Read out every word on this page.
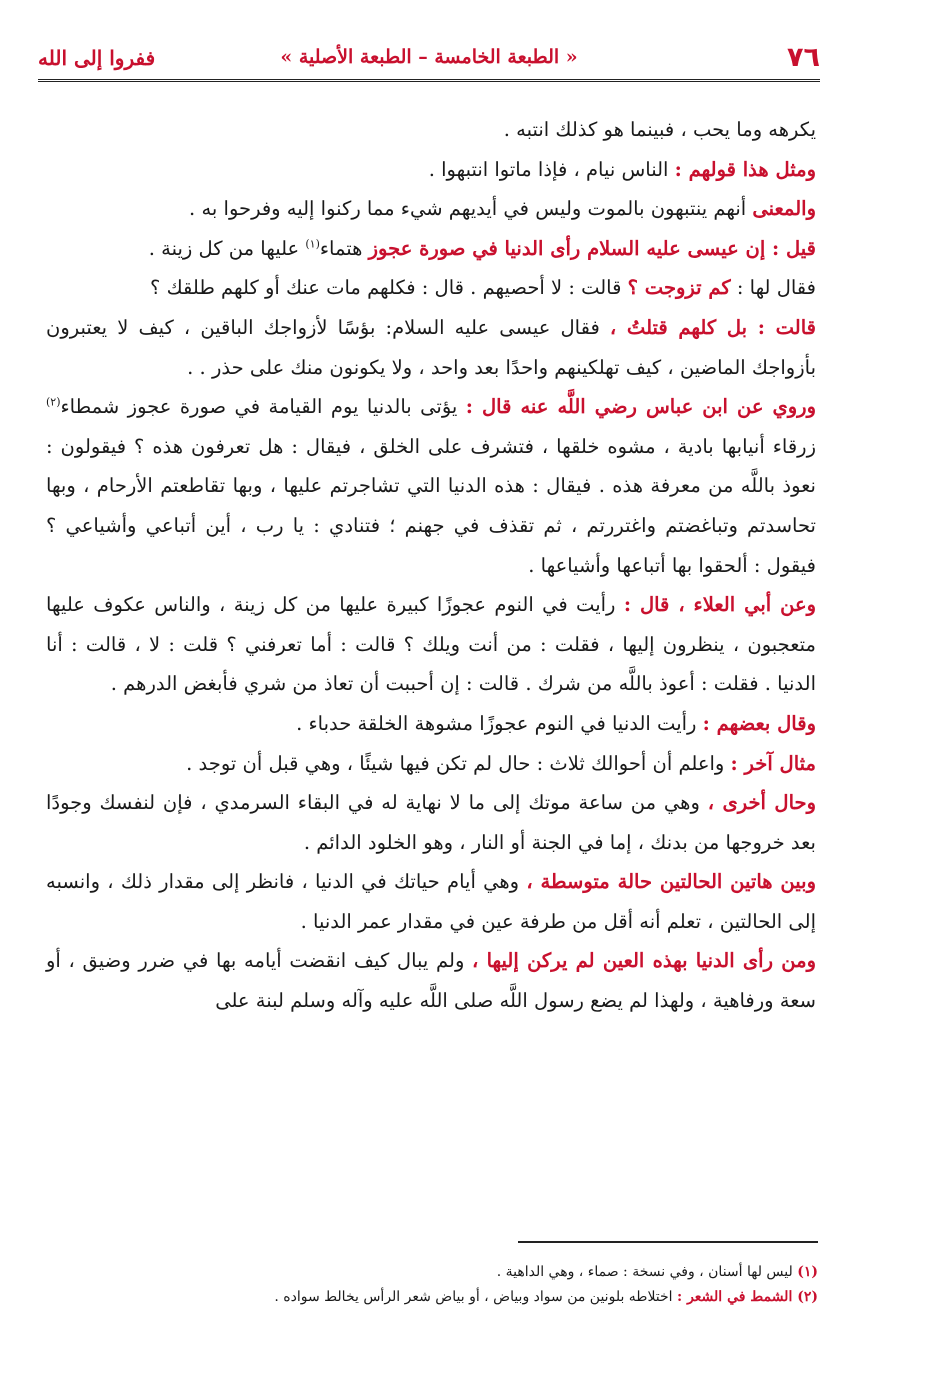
٧٦
« الطبعة الخامسة – الطبعة الأصلية »
ففروا إلى الله

يكرهه وما يحب ، فبينما هو كذلك انتبه .

ومثل هذا قولهم : الناس نيام ، فإذا ماتوا انتبهوا .

والمعنى أنهم ينتبهون بالموت وليس في أيديهم شيء مما ركنوا إليه وفرحوا به .

قيل : إن عيسى عليه السلام رأى الدنيا في صورة عجوز هتماء$^{(١)}$ عليها من كل زينة .

فقال لها : كم تزوجت ؟ قالت : لا أحصيهم . قال : فكلهم مات عنك أو كلهم طلقك ؟

قالت : بل كلهم قتلتُ ، فقال عيسى عليه السلام: بؤسًا لأزواجك الباقين ، كيف لا يعتبرون بأزواجك الماضين ، كيف تهلكينهم واحدًا بعد واحد ، ولا يكونون منك على حذر . .

وروي عن ابن عباس رضي اللَّه عنه قال : يؤتى بالدنيا يوم القيامة في صورة عجوز شمطاء$^{(٢)}$ زرقاء أنيابها بادية ، مشوه خلقها ، فتشرف على الخلق ، فيقال : هل تعرفون هذه ؟ فيقولون : نعوذ باللَّه من معرفة هذه . فيقال : هذه الدنيا التي تشاجرتم عليها ، وبها تقاطعتم الأرحام ، وبها تحاسدتم وتباغضتم واغتررتم ، ثم تقذف في جهنم ؛ فتنادي : يا رب ، أين أتباعي وأشياعي ؟ فيقول : ألحقوا بها أتباعها وأشياعها .

وعن أبي العلاء ، قال : رأيت في النوم عجوزًا كبيرة عليها من كل زينة ، والناس عكوف عليها متعجبون ، ينظرون إليها ، فقلت : من أنت ويلك ؟ قالت : أما تعرفني ؟ قلت : لا ، قالت : أنا الدنيا . فقلت : أعوذ باللَّه من شرك . قالت : إن أحببت أن تعاذ من شري فأبغض الدرهم .

وقال بعضهم : رأيت الدنيا في النوم عجوزًا مشوهة الخلقة حدباء .

مثال آخر : واعلم أن أحوالك ثلاث : حال لم تكن فيها شيئًا ، وهي قبل أن توجد .

وحال أخرى ، وهي من ساعة موتك إلى ما لا نهاية له في البقاء السرمدي ، فإن لنفسك وجودًا بعد خروجها من بدنك ، إما في الجنة أو النار ، وهو الخلود الدائم .

وبين هاتين الحالتين حالة متوسطة ، وهي أيام حياتك في الدنيا ، فانظر إلى مقدار ذلك ، وانسبه إلى الحالتين ، تعلم أنه أقل من طرفة عين في مقدار عمر الدنيا .

ومن رأى الدنيا بهذه العين لم يركن إليها ، ولم يبال كيف انقضت أيامه بها في ضرر وضيق ، أو سعة ورفاهية ، ولهذا لم يضع رسول اللَّه صلى اللَّه عليه وآله وسلم لبنة على

(١) ليس لها أسنان ، وفي نسخة : صماء ، وهي الداهية .

(٢) الشمط في الشعر : اختلاطه بلونين من سواد وبياض ، أو بياض شعر الرأس يخالط سواده .
